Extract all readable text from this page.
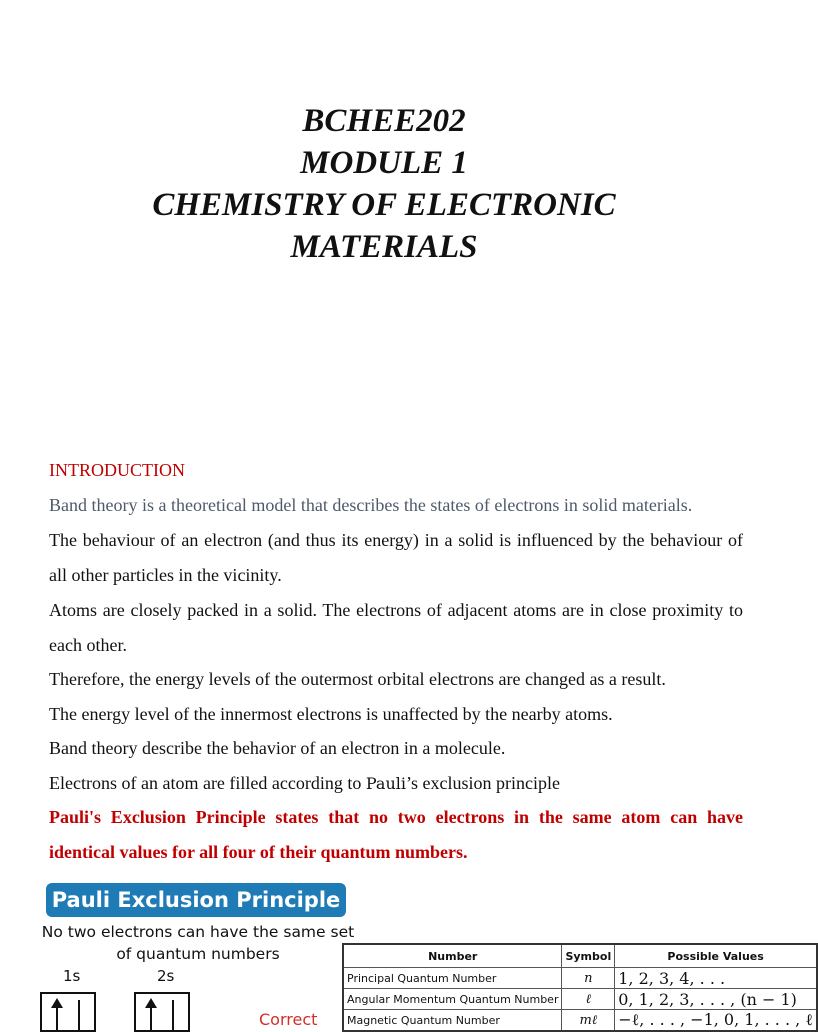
BCHEE202
MODULE 1
CHEMISTRY OF ELECTRONIC
MATERIALS
INTRODUCTION

Band theory is a theoretical model that describes the states of electrons in solid materials.

The behaviour of an electron (and thus its energy) in a solid is influenced by the behaviour of all other particles in the vicinity.

Atoms are closely packed in a solid. The electrons of adjacent atoms are in close proximity to each other.

Therefore, the energy levels of the outermost orbital electrons are changed as a result.

The energy level of the innermost electrons is unaffected by the nearby atoms.

Band theory describe the behavior of an electron in a molecule.

Electrons of an atom are filled according to Pauli’s exclusion principle

Pauli's Exclusion Principle states that no two electrons in the same atom can have identical values for all four of their quantum numbers.

Pauli Exclusion Principle
No two electrons can have the same set of quantum numbers
1s	2s
Correct
Number	Symbol	Possible Values
Principal Quantum Number	n	1, 2, 3, 4, . . .
Angular Momentum Quantum Number	ℓ	0, 1, 2, 3, . . . , (n − 1)
Magnetic Quantum Number	mℓ	−ℓ, . . . , −1, 0, 1, . . . , ℓ
